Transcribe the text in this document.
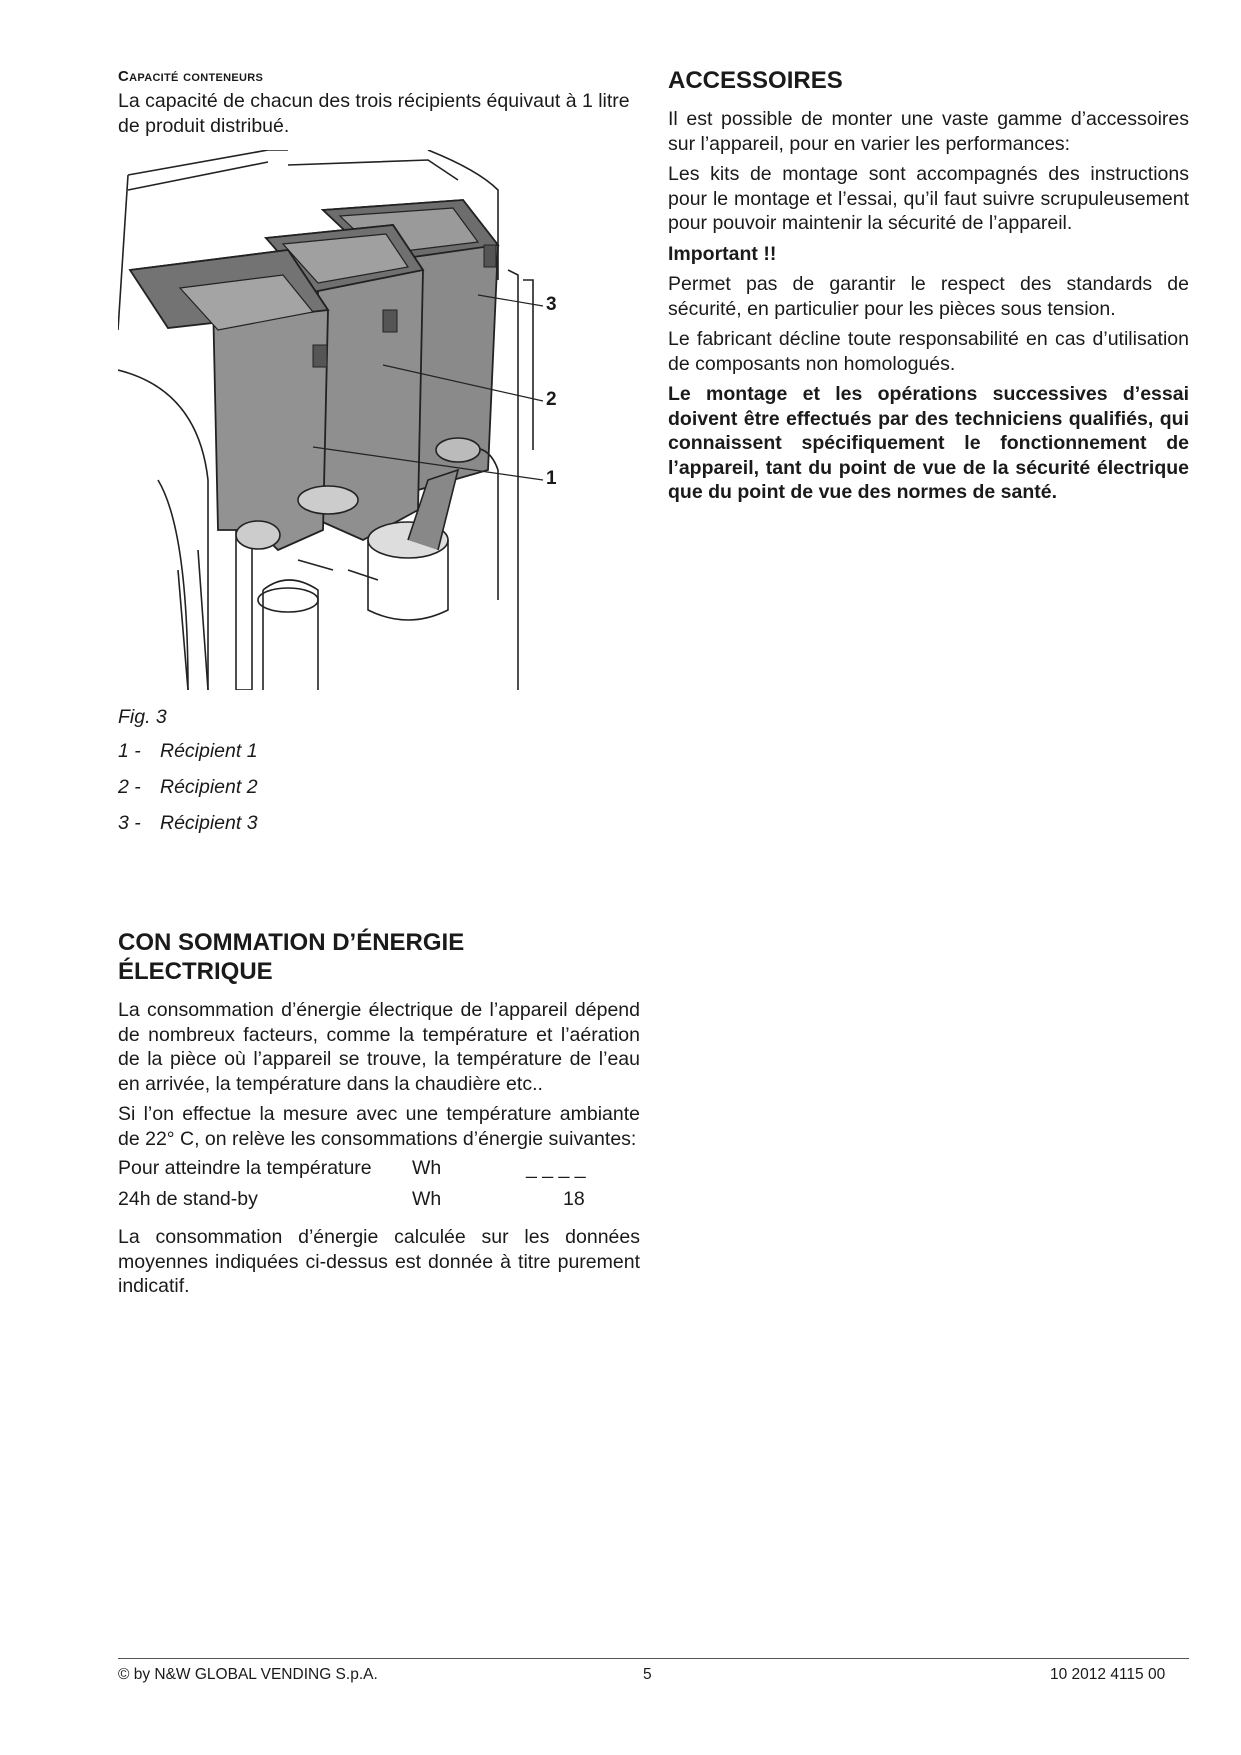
Capacité conteneurs

La capacité de chacun des trois récipients équivaut à 1 litre de produit distribué.

3
2
1
Fig. 3
1 - Récipient 1
2 - Récipient 2
3 - Récipient 3
CON SOMMATION D’ÉNERGIE
ÉLECTRIQUE

La consommation d’énergie électrique de l’appareil dépend de nombreux facteurs, comme la température et l’aération de la pièce où l’appareil se trouve, la température de l’eau en arrivée, la température dans la chaudière etc..

Si l’on effectue la mesure avec une température ambiante de 22° C, on relève les consommations d’énergie suivantes:

Pour atteindre la température Wh	_ _ _ _
24h de stand-by	Wh	18

La consommation d’énergie calculée sur les données moyennes indiquées ci-dessus est donnée à titre purement indicatif.

ACCESSOIRES

Il est possible de monter une vaste gamme d’accessoires sur l’appareil, pour en varier les performances:

Les kits de montage sont accompagnés des instructions pour le montage et l’essai, qu’il faut suivre scrupuleusement pour pouvoir maintenir la sécurité de l’appareil.

Important !!

Permet pas de garantir le respect des standards de sécurité, en particulier pour les pièces sous tension.

Le fabricant décline toute responsabilité en cas d’utilisation de composants non homologués.

Le montage et les opérations successives d’essai doivent être effectués par des techniciens qualifiés, qui connaissent spécifiquement le fonctionnement de l’appareil, tant du point de vue de la sécurité électrique que du point de vue des normes de santé.

© by N&W GLOBAL VENDING S.p.A.	5	10 2012 4115 00
